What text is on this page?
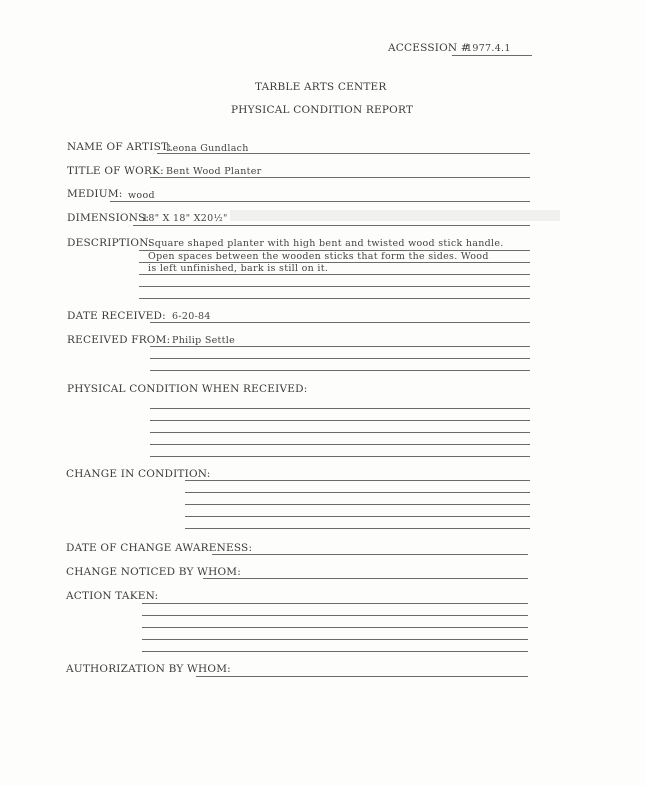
ACCESSION #
1977.4.1
TARBLE ARTS CENTER
PHYSICAL CONDITION REPORT
NAME OF ARTIST:
Leona Gundlach
TITLE OF WORK: Bent Wood Planter
MEDIUM: wood
DIMENSIONS:
18" X 18" X20½"
DESCRIPTION:
Square shaped planter with high bent and twisted wood stick handle.
Open spaces between the wooden sticks that form the sides. Wood
is left unfinished, bark is still on it.
DATE RECEIVED: 6-20-84
RECEIVED FROM: Philip Settle
PHYSICAL CONDITION WHEN RECEIVED:
CHANGE IN CONDITION:
DATE OF CHANGE AWARENESS:
CHANGE NOTICED BY WHOM:
ACTION TAKEN:
AUTHORIZATION BY WHOM:
